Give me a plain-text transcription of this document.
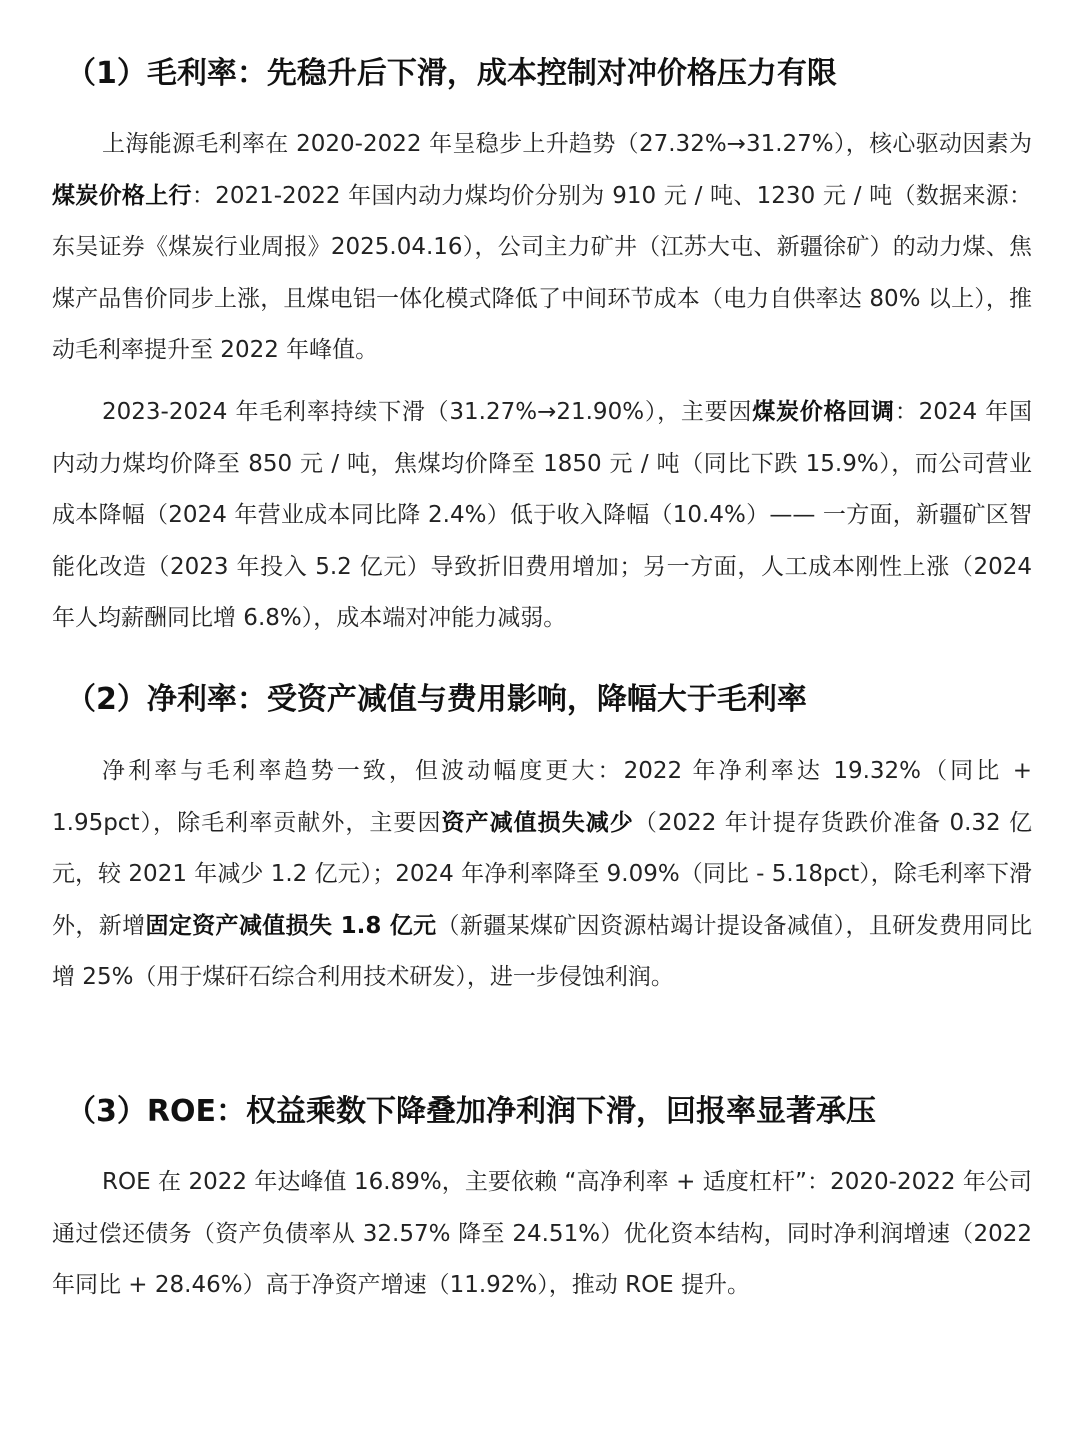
（1）毛利率：先稳升后下滑，成本控制对冲价格压力有限

上海能源毛利率在 2020-2022 年呈稳步上升趋势（27.32%→31.27%），核心驱动因素为煤炭价格上行：2021-2022 年国内动力煤均价分别为 910 元 / 吨、1230 元 / 吨（数据来源：东吴证券《煤炭行业周报》2025.04.16），公司主力矿井（江苏大屯、新疆徐矿）的动力煤、焦煤产品售价同步上涨，且煤电铝一体化模式降低了中间环节成本（电力自供率达 80% 以上），推动毛利率提升至 2022 年峰值。

2023-2024 年毛利率持续下滑（31.27%→21.90%），主要因煤炭价格回调：2024 年国内动力煤均价降至 850 元 / 吨，焦煤均价降至 1850 元 / 吨（同比下跌 15.9%），而公司营业成本降幅（2024 年营业成本同比降 2.4%）低于收入降幅（10.4%）—— 一方面，新疆矿区智能化改造（2023 年投入 5.2 亿元）导致折旧费用增加；另一方面，人工成本刚性上涨（2024 年人均薪酬同比增 6.8%），成本端对冲能力减弱。

（2）净利率：受资产减值与费用影响，降幅大于毛利率

净利率与毛利率趋势一致，但波动幅度更大：2022 年净利率达 19.32%（同比 + 1.95pct），除毛利率贡献外，主要因资产减值损失减少（2022 年计提存货跌价准备 0.32 亿元，较 2021 年减少 1.2 亿元）；2024 年净利率降至 9.09%（同比 - 5.18pct），除毛利率下滑外，新增固定资产减值损失 1.8 亿元（新疆某煤矿因资源枯竭计提设备减值），且研发费用同比增 25%（用于煤矸石综合利用技术研发），进一步侵蚀利润。

（3）ROE：权益乘数下降叠加净利润下滑，回报率显著承压

ROE 在 2022 年达峰值 16.89%，主要依赖 “高净利率 + 适度杠杆”：2020-2022 年公司通过偿还债务（资产负债率从 32.57% 降至 24.51%）优化资本结构，同时净利润增速（2022 年同比 + 28.46%）高于净资产增速（11.92%），推动 ROE 提升。
